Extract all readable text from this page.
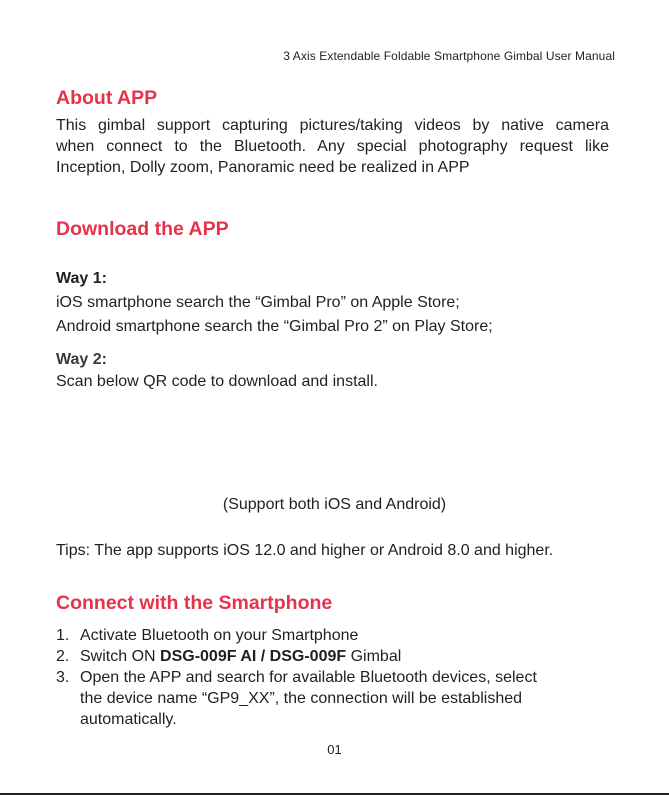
3 Axis Extendable Foldable Smartphone Gimbal User Manual
About APP
This gimbal support capturing pictures/taking videos by native camera
when connect to the Bluetooth. Any special photography request like
Inception, Dolly zoom, Panoramic need be realized in APP
Download the APP
Way 1:
iOS smartphone search the “Gimbal Pro” on Apple Store;
Android smartphone search the “Gimbal Pro 2” on Play Store;
Way 2:
Scan below QR code to download and install.
(Support both iOS and Android)
Tips: The app supports iOS 12.0 and higher or Android 8.0 and higher.
Connect with the Smartphone
1. Activate Bluetooth on your Smartphone
2. Switch ON DSG-009F AI / DSG-009F Gimbal
3. Open the APP and search for available Bluetooth devices, select
the device name “GP9_XX”, the connection will be established
automatically.
01
